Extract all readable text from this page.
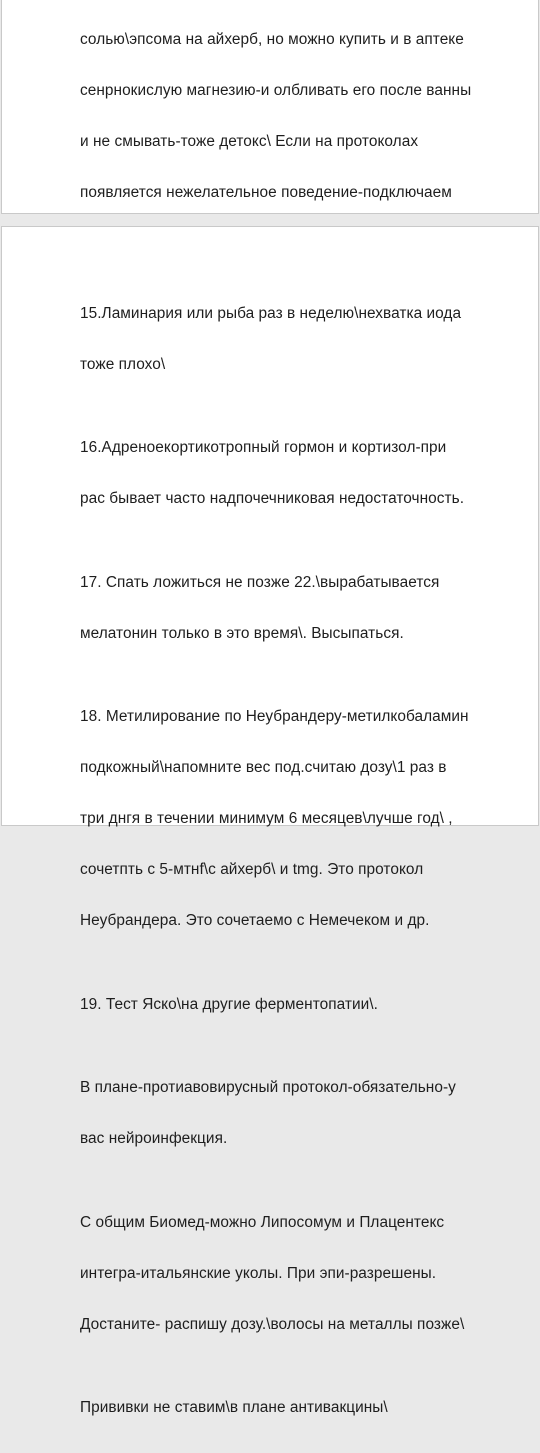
солью\эпсома на айхерб, но можно купить и в аптеке

сенрнокислую магнезию-и олбливать его после ванны

и не смывать-тоже детокс\ Если на протоколах

появляется нежелательное поведение-подключаем

15.Ламинария или рыба раз в неделю\нехватка иода

тоже плохо\

16.Адреноекортикотропный гормон и кортизол-при

рас бывает часто надпочечниковая недостаточность.

17. Спать ложиться не позже 22.\вырабатывается

мелатонин только в это время\. Высыпаться.

18. Метилирование по Неубрандеру-метилкобаламин

подкожный\напомните вес под.считаю дозу\1 раз в

три днгя в течении минимум 6 месяцев\лучше год\ ,

сочетпть с 5-мтнf\c айхерб\ и tmg. Это протокол

Неубрандера. Это сочетаемо с Немечеком и др.

19. Тест Яско\на другие ферментопатии\.

В плане-протиавовирусный протокол-обязательно-у

вас нейроинфекция.

С общим Биомед-можно Липосомум и Плацентекс

интегра-итальянские уколы. При эпи-разрешены.

Достаните- распишу дозу.\волосы на металлы позже\

Прививки не ставим\в плане антивакцины\
